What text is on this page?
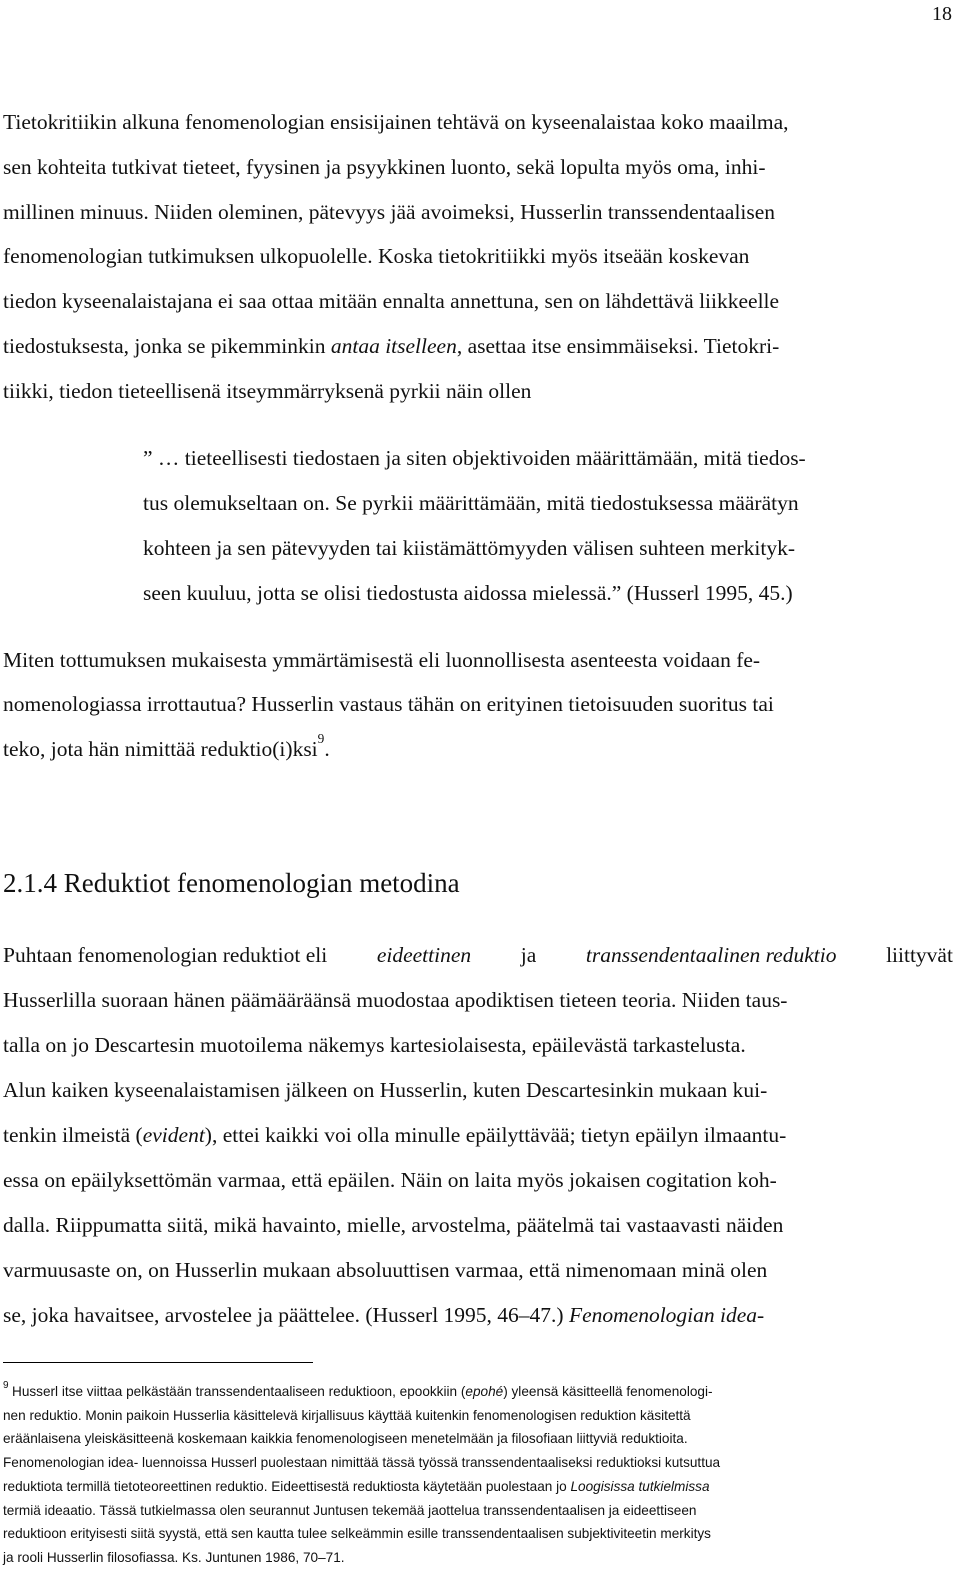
18
Tietokritiikin alkuna fenomenologian ensisijainen tehtävä on kyseenalaistaa koko maailma,
sen kohteita tutkivat tieteet, fyysinen ja psyykkinen luonto, sekä lopulta myös oma, inhi-
millinen minuus. Niiden oleminen, pätevyys jää avoimeksi, Husserlin transsendentaalisen
fenomenologian tutkimuksen ulkopuolelle. Koska tietokritiikki myös itseään koskevan
tiedon kyseenalaistajana ei saa ottaa mitään ennalta annettuna, sen on lähdettävä liikkeelle
tiedostuksesta, jonka se pikemminkin antaa itselleen , asettaa itse ensimmäiseksi. Tietokri-
tiikki, tiedon tieteellisenä itseymmärryksenä pyrkii näin ollen
” … tieteellisesti tiedostaen ja siten objektivoiden määrittämään, mitä tiedos-
tus olemukseltaan on. Se pyrkii määrittämään, mitä tiedostuksessa määrätyn
kohteen ja sen pätevyyden tai kiistämättömyyden välisen suhteen merkityk-
seen kuuluu, jotta se olisi tiedostusta aidossa mielessä.” (Husserl 1995, 45.)
Miten tottumuksen mukaisesta ymmärtämisestä eli luonnollisesta asenteesta voidaan fe-
nomenologiassa irrottautua? Husserlin vastaus tähän on erityinen tietoisuuden suoritus tai
teko, jota hän nimittää reduktio(i)ksi 9 .
2.1.4 Reduktiot fenomenologian metodina
Puhtaan fenomenologian reduktiot eli eideettinen ja transsendentaalinen reduktio liittyvät
Husserlilla suoraan hänen päämääräänsä muodostaa apodiktisen tieteen teoria. Niiden taus-
talla on jo Descartesin muotoilema näkemys kartesiolaisesta, epäilevästä tarkastelusta.
Alun kaiken kyseenalaistamisen jälkeen on Husserlin, kuten Descartesinkin mukaan kui-
tenkin ilmeistä ( evident ), ettei kaikki voi olla minulle epäilyttävää; tietyn epäilyn ilmaantu-
essa on epäilyksettömän varmaa, että epäilen. Näin on laita myös jokaisen cogitation koh-
dalla. Riippumatta siitä, mikä havainto, mielle, arvostelma, päätelmä tai vastaavasti näiden
varmuusaste on, on Husserlin mukaan absoluuttisen varmaa, että nimenomaan minä olen
se, joka havaitsee, arvostelee ja päättelee. (Husserl 1995, 46–47.) Fenomenologian idea-
9 Husserl itse viittaa pelkästään transsendentaaliseen reduktioon, epookkiin ( epohé ) yleensä käsitteellä fenomenologi-
nen reduktio. Monin paikoin Husserlia käsittelevä kirjallisuus käyttää kuitenkin fenomenologisen reduktion käsitettä
eräänlaisena yleiskäsitteenä koskemaan kaikkia fenomenologiseen menetelmään ja filosofiaan liittyviä reduktioita.
Fenomenologian idea- luennoissa Husserl puolestaan nimittää tässä työssä transsendentaaliseksi reduktioksi kutsuttua
reduktiota termillä tietoteoreettinen reduktio. Eideettisestä reduktiosta käytetään puolestaan jo Loogisissa tutkielmissa
termiä ideaatio. Tässä tutkielmassa olen seurannut Juntusen tekemää jaottelua transsendentaalisen ja eideettiseen
reduktioon erityisesti siitä syystä, että sen kautta tulee selkeämmin esille transsendentaalisen subjektiviteetin merkitys
ja rooli Husserlin filosofiassa. Ks. Juntunen 1986, 70–71.
